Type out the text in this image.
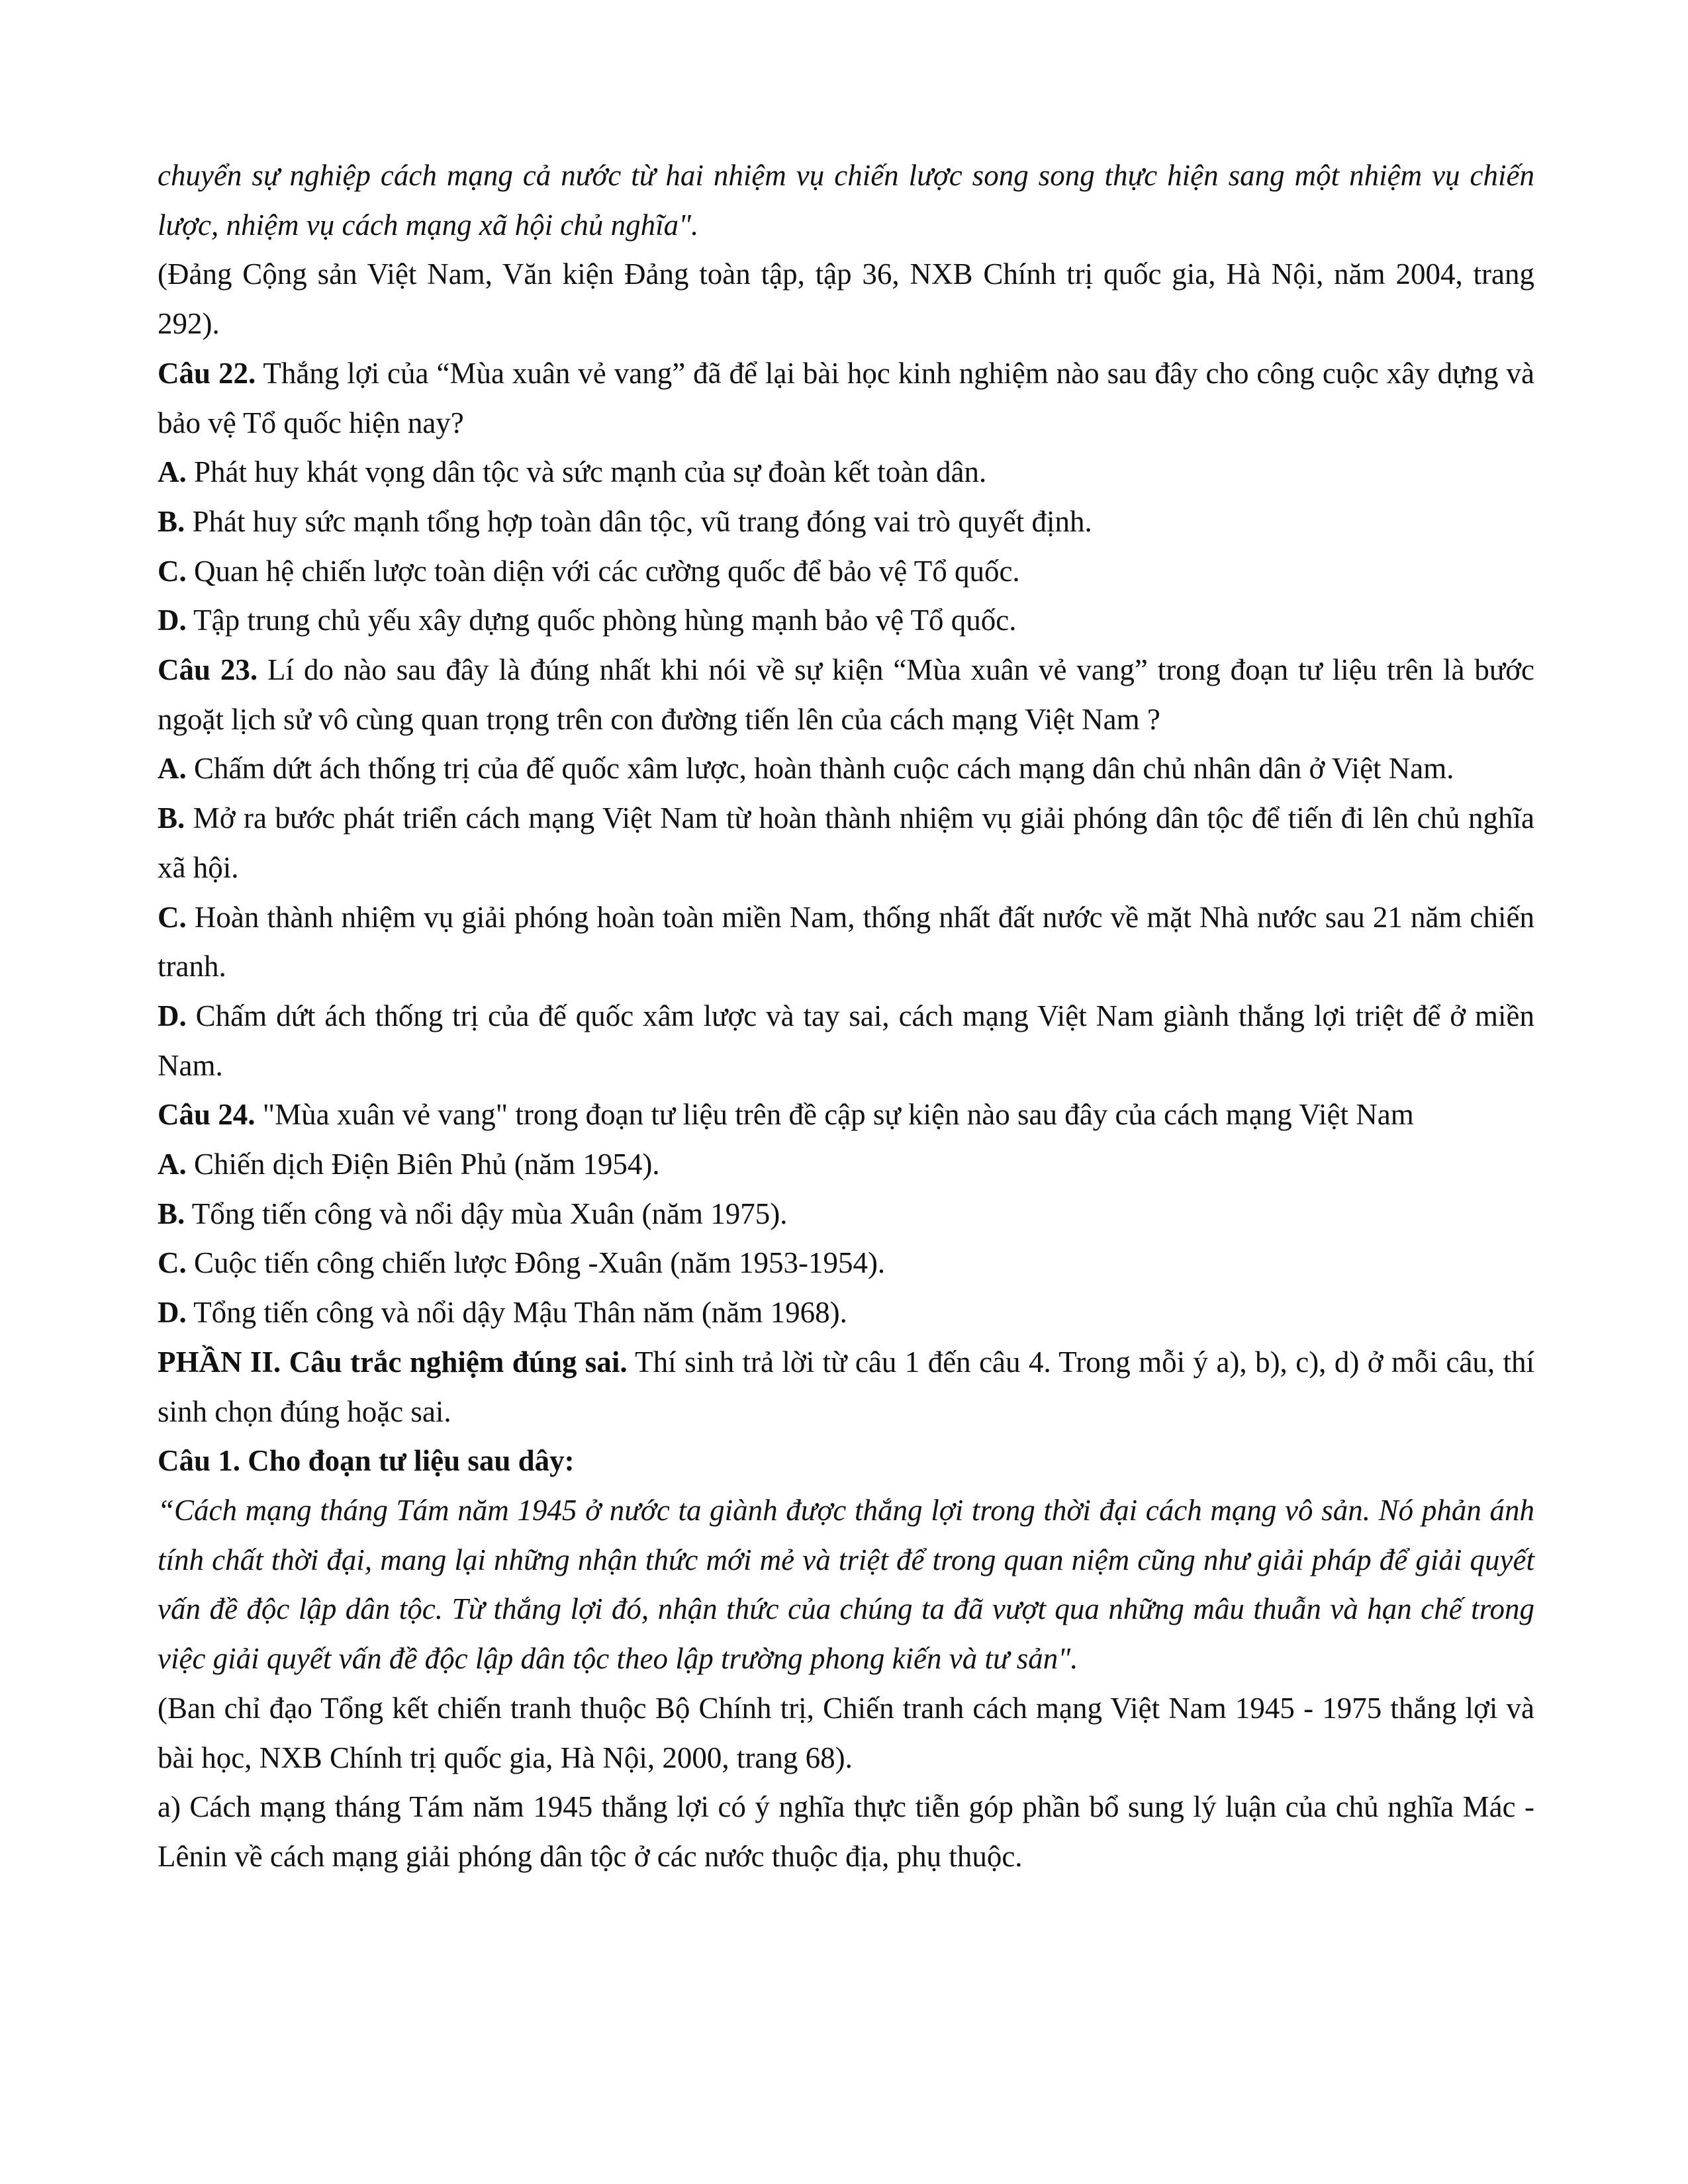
chuyển sự nghiệp cách mạng cả nước từ hai nhiệm vụ chiến lược song song thực hiện sang một nhiệm vụ chiến lược, nhiệm vụ cách mạng xã hội chủ nghĩa".

(Đảng Cộng sản Việt Nam, Văn kiện Đảng toàn tập, tập 36, NXB Chính trị quốc gia, Hà Nội, năm 2004, trang 292).

Câu 22. Thắng lợi của “Mùa xuân vẻ vang” đã để lại bài học kinh nghiệm nào sau đây cho công cuộc xây dựng và bảo vệ Tổ quốc hiện nay?

A. Phát huy khát vọng dân tộc và sức mạnh của sự đoàn kết toàn dân.

B. Phát huy sức mạnh tổng hợp toàn dân tộc, vũ trang đóng vai trò quyết định.

C. Quan hệ chiến lược toàn diện với các cường quốc để bảo vệ Tổ quốc.

D. Tập trung chủ yếu xây dựng quốc phòng hùng mạnh bảo vệ Tổ quốc.

Câu 23. Lí do nào sau đây là đúng nhất khi nói về sự kiện “Mùa xuân vẻ vang” trong đoạn tư liệu trên là bước ngoặt lịch sử vô cùng quan trọng trên con đường tiến lên của cách mạng Việt Nam ?

A. Chấm dứt ách thống trị của đế quốc xâm lược, hoàn thành cuộc cách mạng dân chủ nhân dân ở Việt Nam.

B. Mở ra bước phát triển cách mạng Việt Nam từ hoàn thành nhiệm vụ giải phóng dân tộc để tiến đi lên chủ nghĩa xã hội.

C. Hoàn thành nhiệm vụ giải phóng hoàn toàn miền Nam, thống nhất đất nước về mặt Nhà nước sau 21 năm chiến tranh.

D. Chấm dứt ách thống trị của đế quốc xâm lược và tay sai, cách mạng Việt Nam giành thắng lợi triệt để ở miền Nam.

Câu 24. "Mùa xuân vẻ vang" trong đoạn tư liệu trên đề cập sự kiện nào sau đây của cách mạng Việt Nam

A. Chiến dịch Điện Biên Phủ (năm 1954).

B. Tổng tiến công và nổi dậy mùa Xuân (năm 1975).

C. Cuộc tiến công chiến lược Đông -Xuân (năm 1953-1954).

D. Tổng tiến công và nổi dậy Mậu Thân năm (năm 1968).

PHẦN II. Câu trắc nghiệm đúng sai. Thí sinh trả lời từ câu 1 đến câu 4. Trong mỗi ý a), b), c), d) ở mỗi câu, thí sinh chọn đúng hoặc sai.

Câu 1. Cho đoạn tư liệu sau dây:

“Cách mạng tháng Tám năm 1945 ở nước ta giành được thắng lợi trong thời đại cách mạng vô sản. Nó phản ánh tính chất thời đại, mang lại những nhận thức mới mẻ và triệt để trong quan niệm cũng như giải pháp để giải quyết vấn đề độc lập dân tộc. Từ thắng lợi đó, nhận thức của chúng ta đã vượt qua những mâu thuẫn và hạn chế trong việc giải quyết vấn đề độc lập dân tộc theo lập trường phong kiến và tư sản".

(Ban chỉ đạo Tổng kết chiến tranh thuộc Bộ Chính trị, Chiến tranh cách mạng Việt Nam 1945 - 1975 thắng lợi và bài học, NXB Chính trị quốc gia, Hà Nội, 2000, trang 68).

a) Cách mạng tháng Tám năm 1945 thắng lợi có ý nghĩa thực tiễn góp phần bổ sung lý luận của chủ nghĩa Mác - Lênin về cách mạng giải phóng dân tộc ở các nước thuộc địa, phụ thuộc.
